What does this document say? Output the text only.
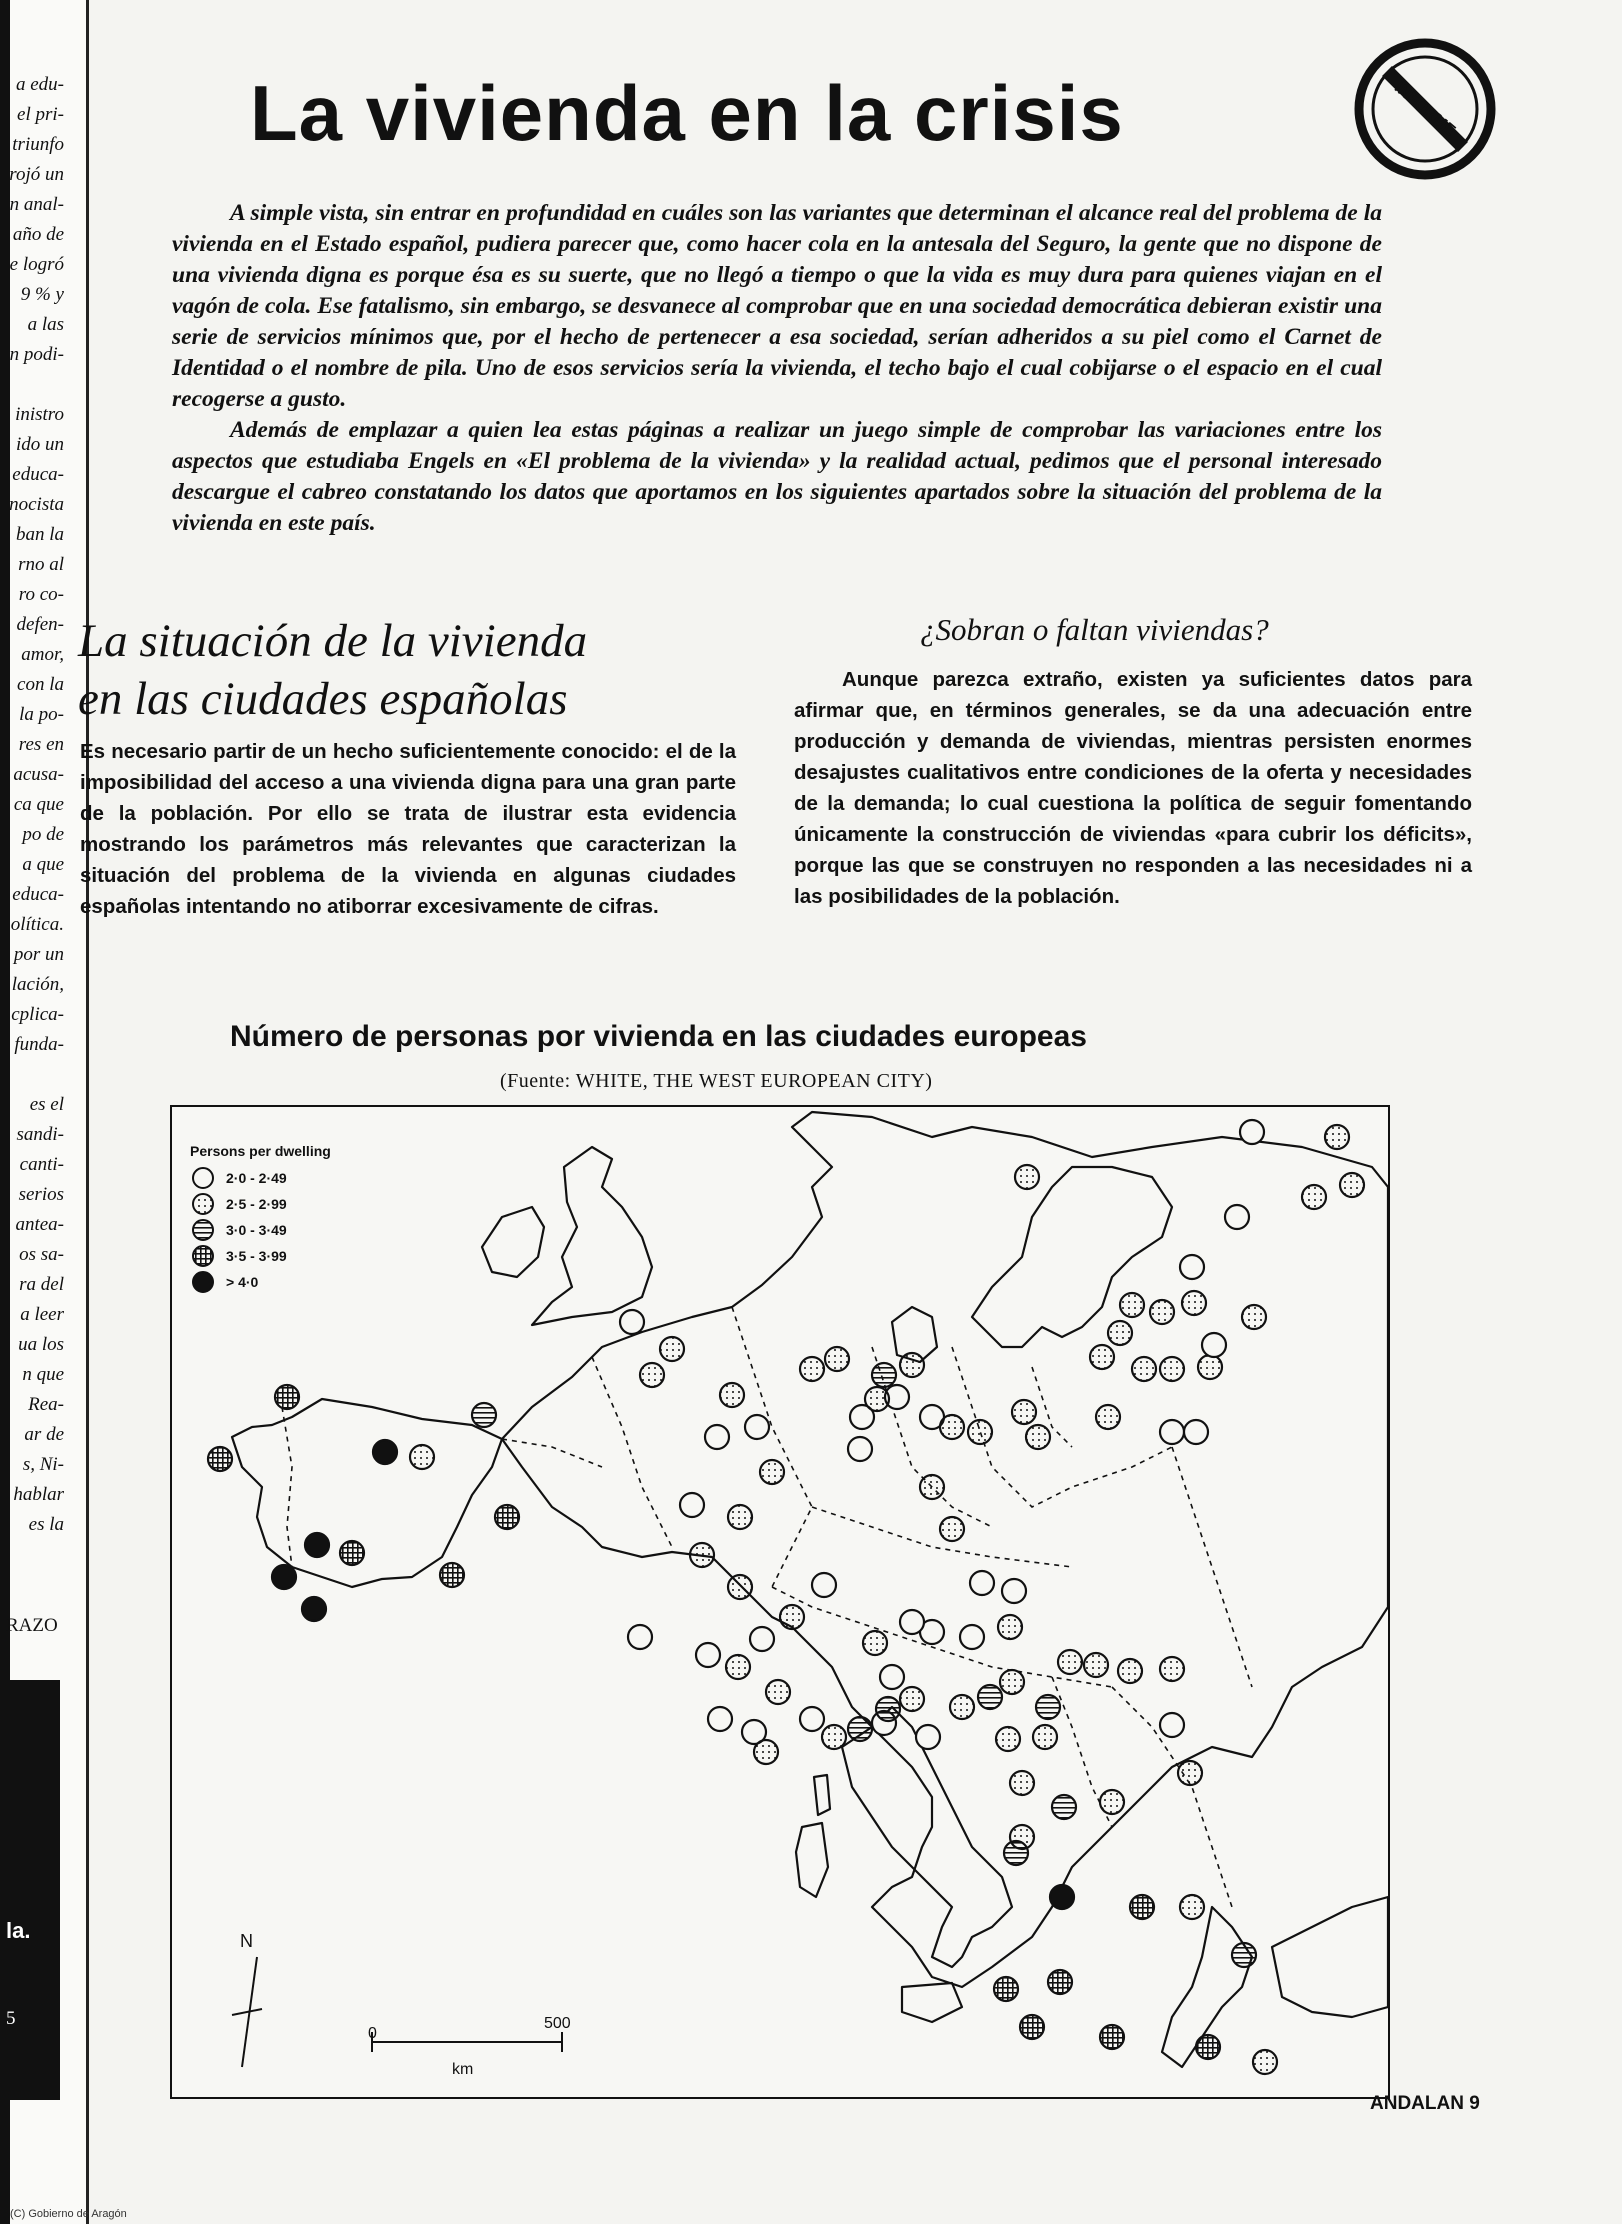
a edu-
el pri-
triunfo
rojó un
n anal-
año de
e logró
9 % y
a las
n podi-
inistro
ido un
educa-
nocista
ban la
rno al
ro co-
defen-
amor,
con la
la po-
res en
acusa-
ca que
po de
a que
educa-
olítica.
por un
lación,
cplica-
funda-
es el
sandi-
canti-
serios
antea-
os sa-
ra del
a leer
ua los
n que
Rea-
ar de
s, Ni-
hablar
es la
RAZO
la.
5
(C) Gobierno de Aragón
La vivienda en la crisis	INFORME

A simple vista, sin entrar en profundidad en cuáles son las variantes que determinan el alcance real del problema de la vivienda en el Estado español, pudiera parecer que, como hacer cola en la antesala del Seguro, la gente que no dispone de una vivienda digna es porque ésa es su suerte, que no llegó a tiempo o que la vida es muy dura para quienes viajan en el vagón de cola. Ese fatalismo, sin embargo, se desvanece al comprobar que en una sociedad democrática debieran existir una serie de servicios mínimos que, por el hecho de pertenecer a esa sociedad, serían adheridos a su piel como el Carnet de Identidad o el nombre de pila. Uno de esos servicios sería la vivienda, el techo bajo el cual cobijarse o el espacio en el cual recogerse a gusto.

Además de emplazar a quien lea estas páginas a realizar un juego simple de comprobar las variaciones entre los aspectos que estudiaba Engels en «El problema de la vivienda» y la realidad actual, pedimos que el personal interesado descargue el cabreo constatando los datos que aportamos en los siguientes apartados sobre la situación del problema de la vivienda en este país.

La situación de la vivienda
en las ciudades españolas
¿Sobran o faltan viviendas?

Es necesario partir de un hecho suficientemente conocido: el de la imposibilidad del acceso a una vivienda digna para una gran parte de la población. Por ello se trata de ilustrar esta evidencia mostrando los parámetros más relevantes que caracterizan la situación del problema de la vivienda en algunas ciudades españolas intentando no atiborrar excesivamente de cifras.

Aunque parezca extraño, existen ya suficientes datos para afirmar que, en términos generales, se da una adecuación entre producción y demanda de viviendas, mientras persisten enormes desajustes cualitativos entre condiciones de la oferta y necesidades de la demanda; lo cual cuestiona la política de seguir fomentando únicamente la construcción de viviendas «para cubrir los déficits», porque las que se construyen no responden a las necesidades ni a las posibilidades de la población.

Número de personas por vivienda en las ciudades europeas

(Fuente: WHITE, THE WEST EUROPEAN CITY)

Persons per dwelling
2·0 - 2·49
2·5 - 2·99
3·0 - 3·49
3·5 - 3·99
> 4·0
N
0
500
km

ANDALAN 9
